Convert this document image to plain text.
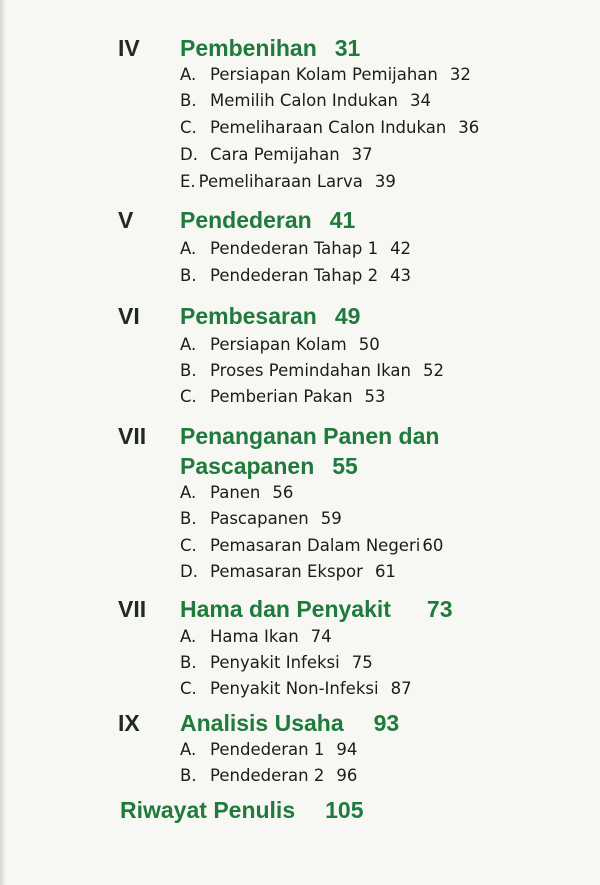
IV Pembenihan 31
A. Persiapan Kolam Pemijahan 32
B. Memilih Calon Indukan 34
C. Pemeliharaan Calon Indukan 36
D. Cara Pemijahan 37
E. Pemeliharaan Larva 39
V Pendederan 41
A. Pendederan Tahap 1 42
B. Pendederan Tahap 2 43
VI Pembesaran 49
A. Persiapan Kolam 50
B. Proses Pemindahan Ikan 52
C. Pemberian Pakan 53
VII Penanganan Panen dan
Pascapanen 55
A. Panen 56
B. Pascapanen 59
C. Pemasaran Dalam Negeri 60
D. Pemasaran Ekspor 61
VII Hama dan Penyakit 73
A. Hama Ikan 74
B. Penyakit Infeksi 75
C. Penyakit Non-Infeksi 87
IX Analisis Usaha 93
A. Pendederan 1 94
B. Pendederan 2 96
Riwayat Penulis 105
